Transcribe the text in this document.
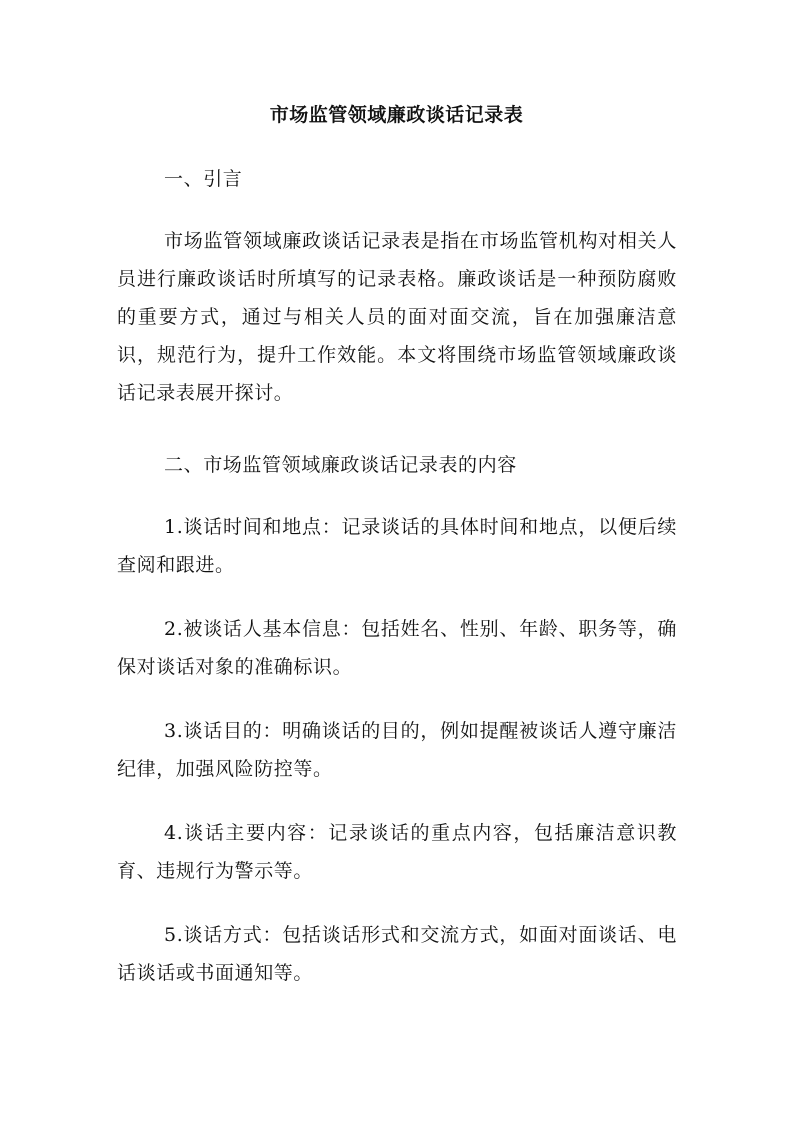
市场监管领域廉政谈话记录表

一、引言

市场监管领域廉政谈话记录表是指在市场监管机构对相关人员进行廉政谈话时所填写的记录表格。廉政谈话是一种预防腐败的重要方式，通过与相关人员的面对面交流，旨在加强廉洁意识，规范行为，提升工作效能。本文将围绕市场监管领域廉政谈话记录表展开探讨。

二、市场监管领域廉政谈话记录表的内容

1.谈话时间和地点：记录谈话的具体时间和地点，以便后续查阅和跟进。

2.被谈话人基本信息：包括姓名、性别、年龄、职务等，确保对谈话对象的准确标识。

3.谈话目的：明确谈话的目的，例如提醒被谈话人遵守廉洁纪律，加强风险防控等。

4.谈话主要内容：记录谈话的重点内容，包括廉洁意识教育、违规行为警示等。

5.谈话方式：包括谈话形式和交流方式，如面对面谈话、电话谈话或书面通知等。
